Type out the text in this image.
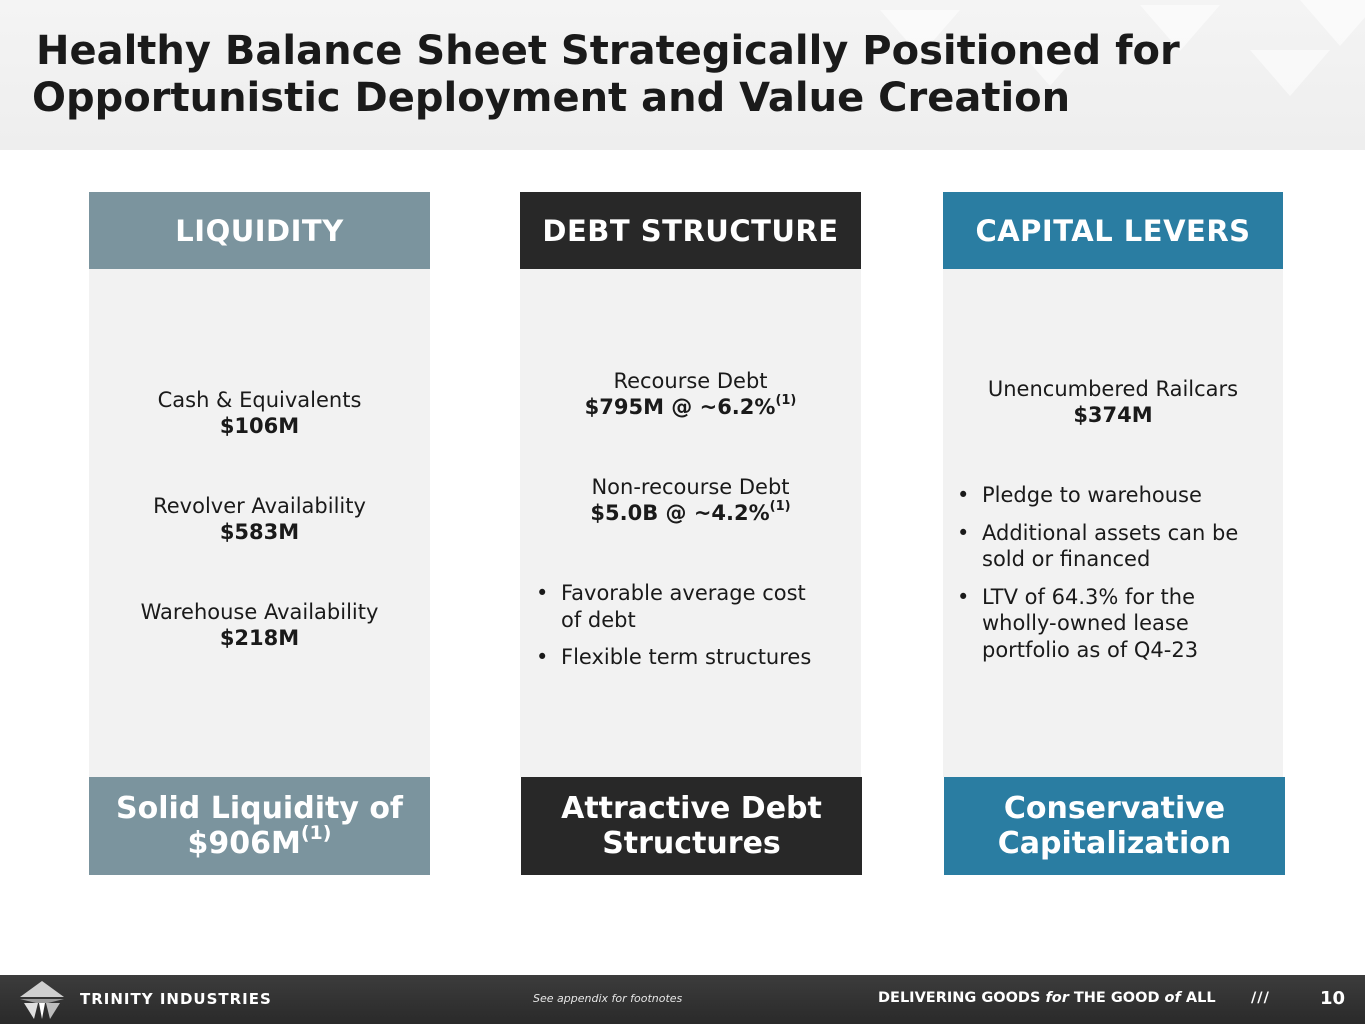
Healthy Balance Sheet Strategically Positioned for
Opportunistic Deployment and Value Creation
LIQUIDITY
Cash & Equivalents
$106M
Revolver Availability
$583M
Warehouse Availability
$218M
Solid Liquidity of
$\$906M^{(1)}$
DEBT STRUCTURE
Recourse Debt
$795M @ ~6.2%$^{(1)}$
Non-recourse Debt
$5.0B @ ~4.2%$^{(1)}$
• Favorable average cost
of debt
• Flexible term structures
Attractive Debt
Structures
CAPITAL LEVERS
Unencumbered Railcars
$374M
• Pledge to warehouse
• Additional assets can be
sold or financed
• LTV of 64.3% for the
wholly-owned lease
portfolio as of Q4-23
Conservative
Capitalization
TRINITY INDUSTRIES	See appendix for footnotes	DELIVERING GOODS for THE GOOD of ALL ///	10
